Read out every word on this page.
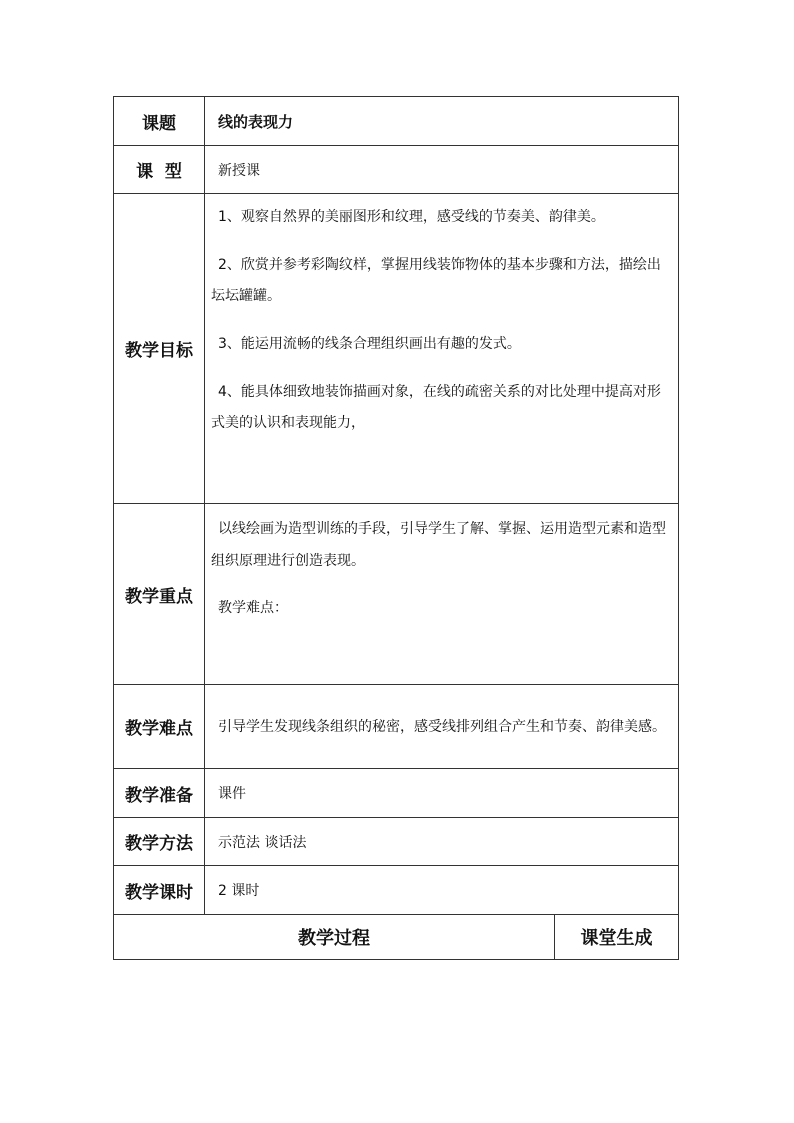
课题	线的表现力	
课  型	新授课	
教学目标	1、观察自然界的美丽图形和纹理，感受线的节奏美、韵律美。

2、欣赏并参考彩陶纹样，掌握用线装饰物体的基本步骤和方法，描绘出坛坛罐罐。

3、能运用流畅的线条合理组织画出有趣的发式。

4、能具体细致地装饰描画对象，在线的疏密关系的对比处理中提高对形式美的认识和表现能力，	

教学重点	以线绘画为造型训练的手段，引导学生了解、掌握、运用造型元素和造型组织原理进行创造表现。

教学难点：	

教学难点	引导学生发现线条组织的秘密，感受线排列组合产生和节奏、韵律美感。	

教学准备	课件	
教学方法	示范法 谈话法	
教学课时	2 课时	
教学过程		课堂生成
